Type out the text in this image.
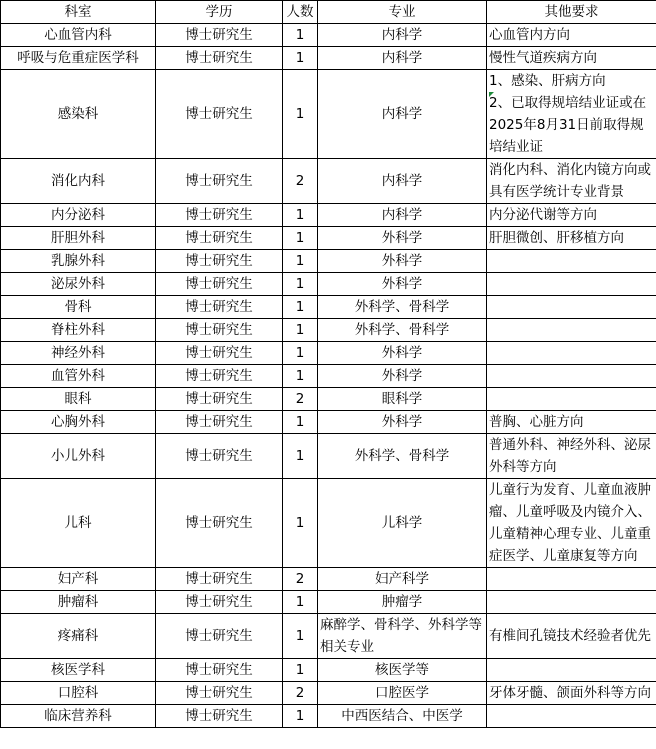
科室	学历	人数	专业	其他要求
心血管内科	博士研究生	1	内科学	心血管内方向
呼吸与危重症医学科	博士研究生	1	内科学	慢性气道疾病方向
感染科	博士研究生	1	内科学	1、感染、肝病方向
2、已取得规培结业证或在2025年8月31日前取得规培结业证

消化内科	博士研究生	2	内科学	消化内科、消化内镜方向或具有医学统计专业背景
内分泌科	博士研究生	1	内科学	内分泌代谢等方向
肝胆外科	博士研究生	1	外科学	肝胆微创、肝移植方向
乳腺外科	博士研究生	1	外科学	
泌尿外科	博士研究生	1	外科学	
骨科	博士研究生	1	外科学、骨科学	
脊柱外科	博士研究生	1	外科学、骨科学	
神经外科	博士研究生	1	外科学	
血管外科	博士研究生	1	外科学	
眼科	博士研究生	2	眼科学	
心胸外科	博士研究生	1	外科学	普胸、心脏方向
小儿外科	博士研究生	1	外科学、骨科学	普通外科、神经外科、泌尿外科等方向
儿科	博士研究生	1	儿科学	儿童行为发育、儿童血液肿瘤、儿童呼吸及内镜介入、儿童精神心理专业、儿童重症医学、儿童康复等方向
妇产科	博士研究生	2	妇产科学	
肿瘤科	博士研究生	1	肿瘤学	
疼痛科	博士研究生	1	麻醉学、骨科学、外科学等相关专业	有椎间孔镜技术经验者优先
核医学科	博士研究生	1	核医学等	
口腔科	博士研究生	2	口腔医学	牙体牙髓、颌面外科等方向
临床营养科	博士研究生	1	中西医结合、中医学	
